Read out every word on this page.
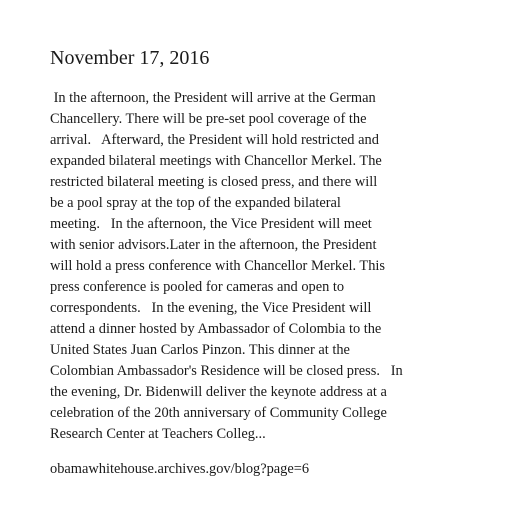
November 17, 2016
In the afternoon, the President will arrive at the German
Chancellery. There will be pre-set pool coverage of the
arrival.   Afterward, the President will hold restricted and
expanded bilateral meetings with Chancellor Merkel. The
restricted bilateral meeting is closed press, and there will
be a pool spray at the top of the expanded bilateral
meeting.   In the afternoon, the Vice President will meet
with senior advisors.Later in the afternoon, the President
will hold a press conference with Chancellor Merkel. This
press conference is pooled for cameras and open to
correspondents.   In the evening, the Vice President will
attend a dinner hosted by Ambassador of Colombia to the
United States Juan Carlos Pinzon. This dinner at the
Colombian Ambassador's Residence will be closed press.   In
the evening, Dr. Bidenwill deliver the keynote address at a
celebration of the 20th anniversary of Community College
Research Center at Teachers Colleg...
obamawhitehouse.archives.gov/blog?page=6
